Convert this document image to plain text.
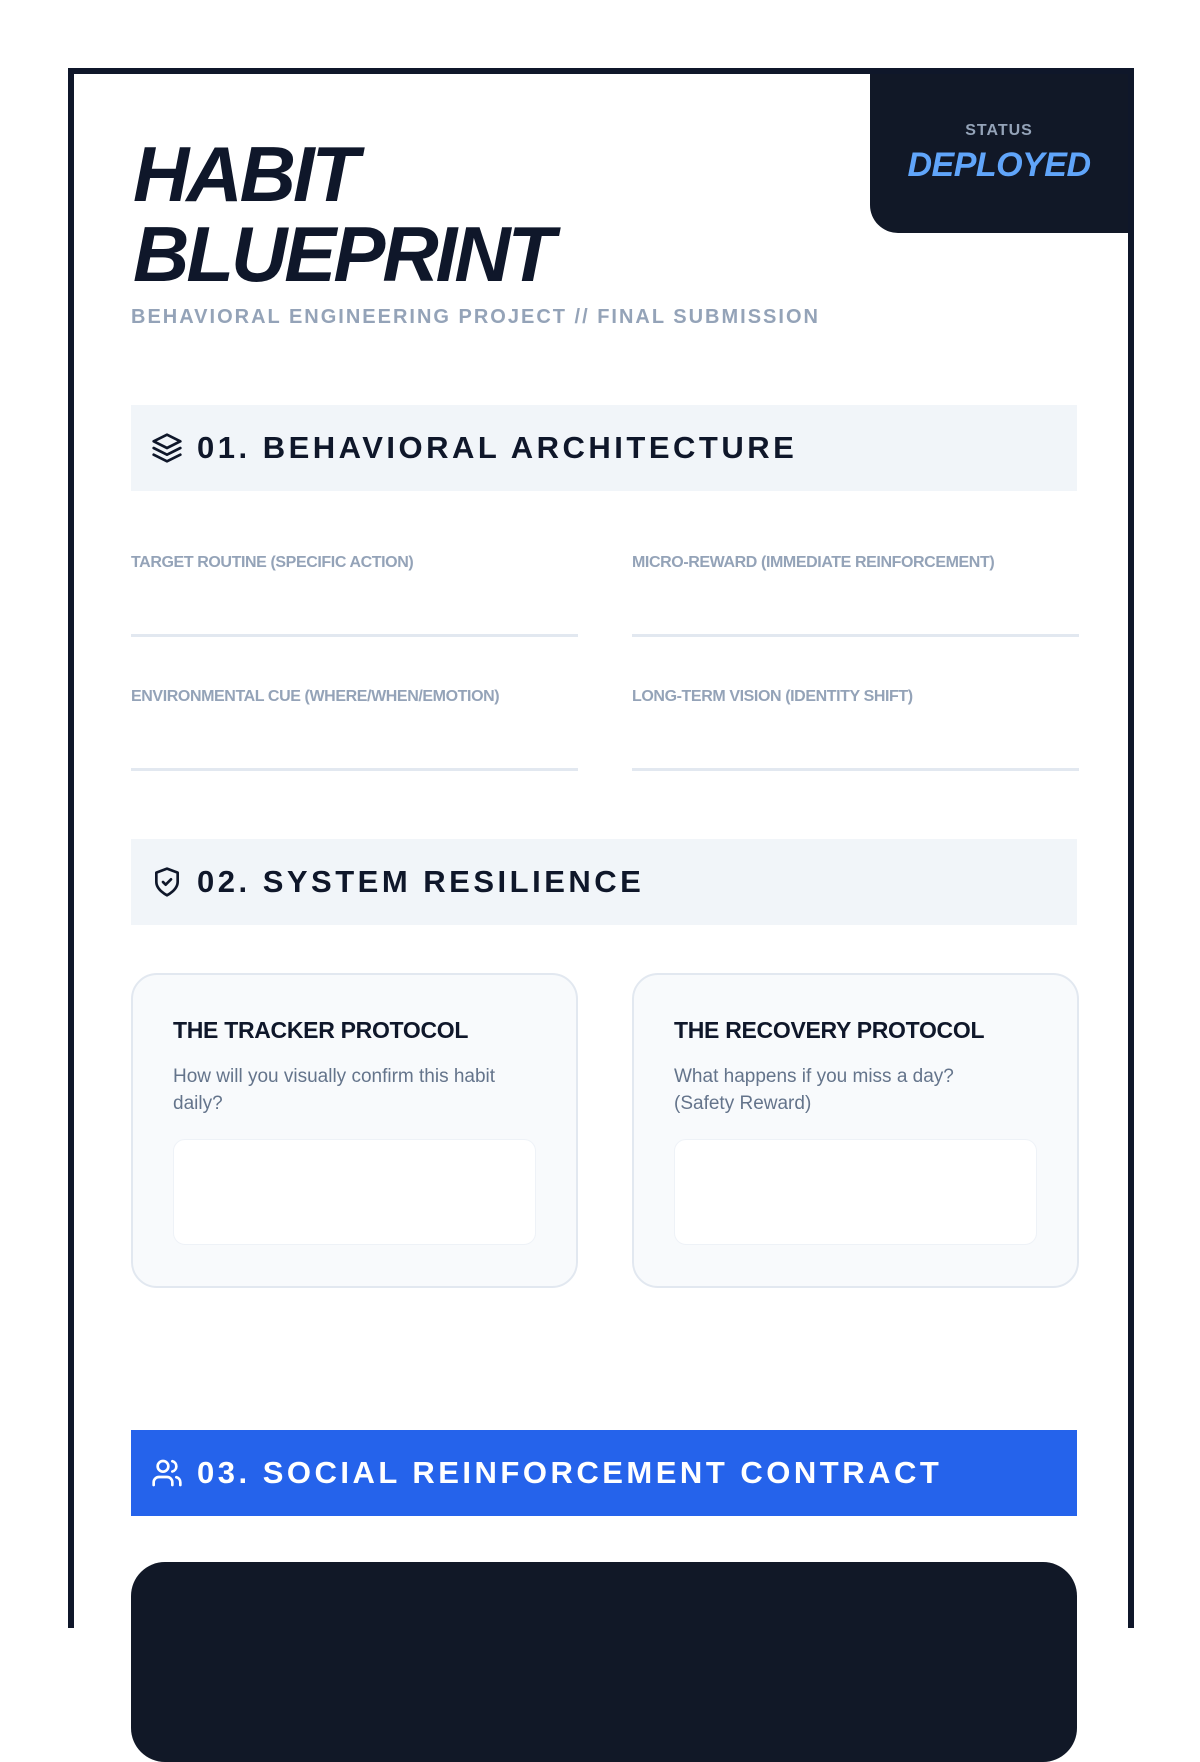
STATUS
DEPLOYED
HABIT
BLUEPRINT
BEHAVIORAL ENGINEERING PROJECT // FINAL SUBMISSION
01. BEHAVIORAL ARCHITECTURE
TARGET ROUTINE (SPECIFIC ACTION)	MICRO-REWARD (IMMEDIATE REINFORCEMENT)
ENVIRONMENTAL CUE (WHERE/WHEN/EMOTION)	LONG-TERM VISION (IDENTITY SHIFT)
02. SYSTEM RESILIENCE
THE TRACKER PROTOCOL
How will you visually confirm this habit daily?
THE RECOVERY PROTOCOL
What happens if you miss a day? (Safety Reward)
03. SOCIAL REINFORCEMENT CONTRACT
